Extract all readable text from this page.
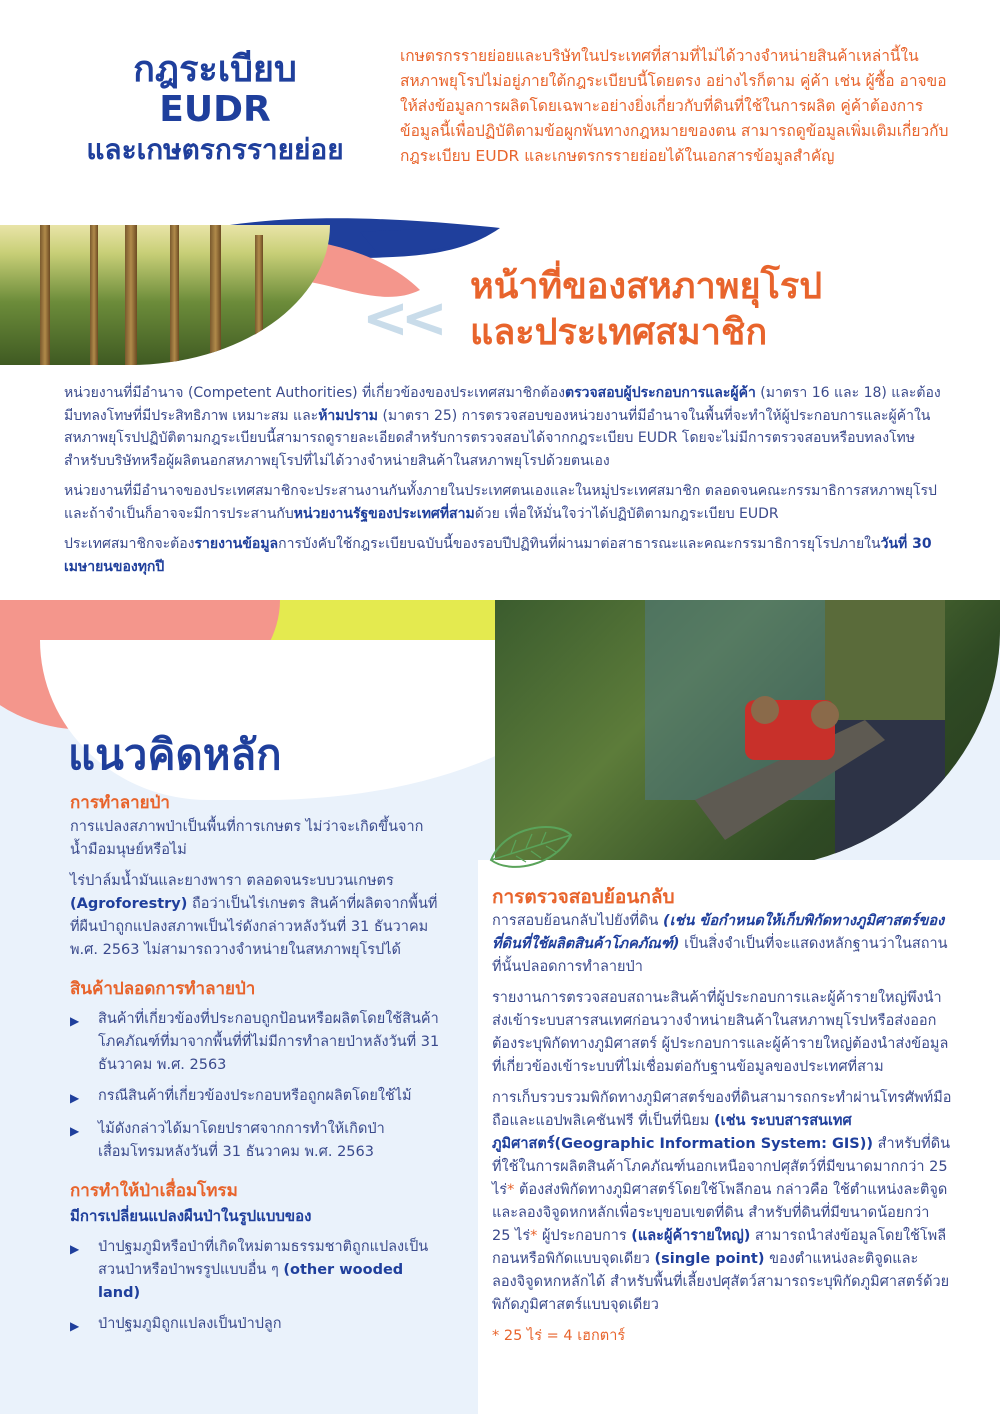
กฎระเบียบ
EUDR
และเกษตรกรรายย่อย
เกษตรกรรายย่อยและบริษัทในประเทศที่สามที่ไม่ได้วางจำหน่ายสินค้าเหล่านี้ในสหภาพยุโรปไม่อยู่ภายใต้กฎระเบียบนี้โดยตรง อย่างไรก็ตาม คู่ค้า เช่น ผู้ซื้อ อาจขอให้ส่งข้อมูลการผลิตโดยเฉพาะอย่างยิ่งเกี่ยวกับที่ดินที่ใช้ในการผลิต คู่ค้าต้องการข้อมูลนี้เพื่อปฏิบัติตามข้อผูกพันทางกฎหมายของตน สามารถดูข้อมูลเพิ่มเติมเกี่ยวกับกฎระเบียบ EUDR และเกษตรกรรายย่อยได้ในเอกสารข้อมูลสำคัญ
<< หน้าที่ของสหภาพยุโรป
และประเทศสมาชิก

หน่วยงานที่มีอำนาจ (Competent Authorities) ที่เกี่ยวข้องของประเทศสมาชิกต้องตรวจสอบผู้ประกอบการและผู้ค้า (มาตรา 16 และ 18) และต้องมีบทลงโทษที่มีประสิทธิภาพ เหมาะสม และห้ามปราม (มาตรา 25) การตรวจสอบของหน่วยงานที่มีอำนาจในพื้นที่จะทำให้ผู้ประกอบการและผู้ค้าในสหภาพยุโรปปฏิบัติตามกฎระเบียบนี้สามารถดูรายละเอียดสำหรับการตรวจสอบได้จากกฎระเบียบ EUDR โดยจะไม่มีการตรวจสอบหรือบทลงโทษสำหรับบริษัทหรือผู้ผลิตนอกสหภาพยุโรปที่ไม่ได้วางจำหน่ายสินค้าในสหภาพยุโรปด้วยตนเอง

หน่วยงานที่มีอำนาจของประเทศสมาชิกจะประสานงานกันทั้งภายในประเทศตนเองและในหมู่ประเทศสมาชิก ตลอดจนคณะกรรมาธิการสหภาพยุโรปและถ้าจำเป็นก็อาจจะมีการประสานกับหน่วยงานรัฐของประเทศที่สามด้วย เพื่อให้มั่นใจว่าได้ปฏิบัติตามกฎระเบียบ EUDR

ประเทศสมาชิกจะต้องรายงานข้อมูลการบังคับใช้กฎระเบียบฉบับนี้ของรอบปีปฏิทินที่ผ่านมาต่อสาธารณะและคณะกรรมาธิการยุโรปภายในวันที่ 30 เมษายนของทุกปี

แนวคิดหลัก >>
การทำลายป่า
การแปลงสภาพป่าเป็นพื้นที่การเกษตร ไม่ว่าจะเกิดขึ้นจากน้ำมือมนุษย์หรือไม่
ไร่ปาล์มน้ำมันและยางพารา ตลอดจนระบบวนเกษตร (Agroforestry) ถือว่าเป็นไร่เกษตร สินค้าที่ผลิตจากพื้นที่ที่ผืนป่าถูกแปลงสภาพเป็นไร่ดังกล่าวหลังวันที่ 31 ธันวาคม พ.ศ. 2563 ไม่สามารถวางจำหน่ายในสหภาพยุโรปได้
สินค้าปลอดการทำลายป่า
▶	สินค้าที่เกี่ยวข้องที่ประกอบถูกป้อนหรือผลิตโดยใช้สินค้าโภคภัณฑ์ที่มาจากพื้นที่ที่ไม่มีการทำลายป่าหลังวันที่ 31 ธันวาคม พ.ศ. 2563
▶	กรณีสินค้าที่เกี่ยวข้องประกอบหรือถูกผลิตโดยใช้ไม้
▶	ไม้ดังกล่าวได้มาโดยปราศจากการทำให้เกิดป่าเสื่อมโทรมหลังวันที่ 31 ธันวาคม พ.ศ. 2563
การทำให้ป่าเสื่อมโทรม
มีการเปลี่ยนแปลงผืนป่าในรูปแบบของ
▶	ป่าปฐมภูมิหรือป่าที่เกิดใหม่ตามธรรมชาติถูกแปลงเป็นสวนป่าหรือป่าพรรูปแบบอื่น ๆ (other wooded land)
▶	ป่าปฐมภูมิถูกแปลงเป็นป่าปลูก
การตรวจสอบย้อนกลับ
การสอบย้อนกลับไปยังที่ดิน (เช่น ข้อกำหนดให้เก็บพิกัดทางภูมิศาสตร์ของที่ดินที่ใช้ผลิตสินค้าโภคภัณฑ์) เป็นสิ่งจำเป็นที่จะแสดงหลักฐานว่าในสถานที่นั้นปลอดการทำลายป่า
รายงานการตรวจสอบสถานะสินค้าที่ผู้ประกอบการและผู้ค้ารายใหญ่พึงนำส่งเข้าระบบสารสนเทศก่อนวางจำหน่ายสินค้าในสหภาพยุโรปหรือส่งออก ต้องระบุพิกัดทางภูมิศาสตร์ ผู้ประกอบการและผู้ค้ารายใหญ่ต้องนำส่งข้อมูลที่เกี่ยวข้องเข้าระบบที่ไม่เชื่อมต่อกับฐานข้อมูลของประเทศที่สาม
การเก็บรวบรวมพิกัดทางภูมิศาสตร์ของที่ดินสามารถกระทำผ่านโทรศัพท์มือถือและแอปพลิเคชันฟรี ที่เป็นที่นิยม (เช่น ระบบสารสนเทศภูมิศาสตร์(Geographic Information System: GIS)) สำหรับที่ดินที่ใช้ในการผลิตสินค้าโภคภัณฑ์นอกเหนือจากปศุสัตว์ที่มีขนาดมากกว่า 25 ไร่* ต้องส่งพิกัดทางภูมิศาสตร์โดยใช้โพลีกอน กล่าวคือ ใช้ตำแหน่งละติจูดและลองจิจูดหกหลักเพื่อระบุขอบเขตที่ดิน สำหรับที่ดินที่มีขนาดน้อยกว่า 25 ไร่* ผู้ประกอบการ (และผู้ค้ารายใหญ่) สามารถนำส่งข้อมูลโดยใช้โพลีกอนหรือพิกัดแบบจุดเดียว (single point) ของตำแหน่งละติจูดและลองจิจูดหกหลักได้ สำหรับพื้นที่เลี้ยงปศุสัตว์สามารถระบุพิกัดภูมิศาสตร์ด้วยพิกัดภูมิศาสตร์แบบจุดเดียว
* 25 ไร่ = 4 เฮกตาร์
